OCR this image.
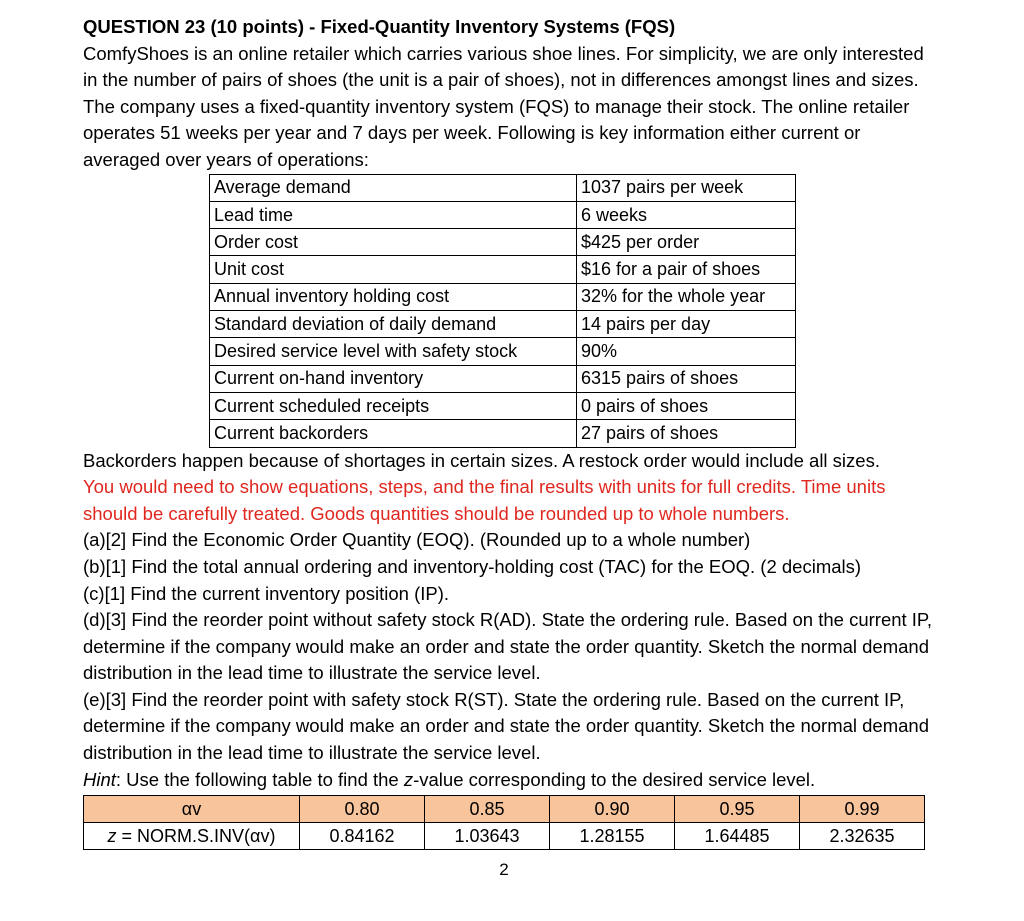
QUESTION 23 (10 points) - Fixed-Quantity Inventory Systems (FQS)

ComfyShoes is an online retailer which carries various shoe lines. For simplicity, we are only interested in the number of pairs of shoes (the unit is a pair of shoes), not in differences amongst lines and sizes. The company uses a fixed-quantity inventory system (FQS) to manage their stock. The online retailer operates 51 weeks per year and 7 days per week. Following is key information either current or averaged over years of operations:

Average demand	1037 pairs per week
Lead time	6 weeks
Order cost	$425 per order
Unit cost	$16 for a pair of shoes
Annual inventory holding cost	32% for the whole year
Standard deviation of daily demand	14 pairs per day
Desired service level with safety stock	90%
Current on-hand inventory	6315 pairs of shoes
Current scheduled receipts	0 pairs of shoes
Current backorders	27 pairs of shoes

Backorders happen because of shortages in certain sizes. A restock order would include all sizes.

You would need to show equations, steps, and the final results with units for full credits. Time units should be carefully treated. Goods quantities should be rounded up to whole numbers.

(a)[2] Find the Economic Order Quantity (EOQ). (Rounded up to a whole number)

(b)[1] Find the total annual ordering and inventory-holding cost (TAC) for the EOQ. (2 decimals)

(c)[1] Find the current inventory position (IP).

(d)[3] Find the reorder point without safety stock R(AD). State the ordering rule. Based on the current IP, determine if the company would make an order and state the order quantity. Sketch the normal demand distribution in the lead time to illustrate the service level.

(e)[3] Find the reorder point with safety stock R(ST). State the ordering rule. Based on the current IP, determine if the company would make an order and state the order quantity. Sketch the normal demand distribution in the lead time to illustrate the service level.

Hint: Use the following table to find the z-value corresponding to the desired service level.

αv	0.80	0.85	0.90	0.95	0.99
z = NORM.S.INV(αv)	0.84162	1.03643	1.28155	1.64485	2.32635
2
